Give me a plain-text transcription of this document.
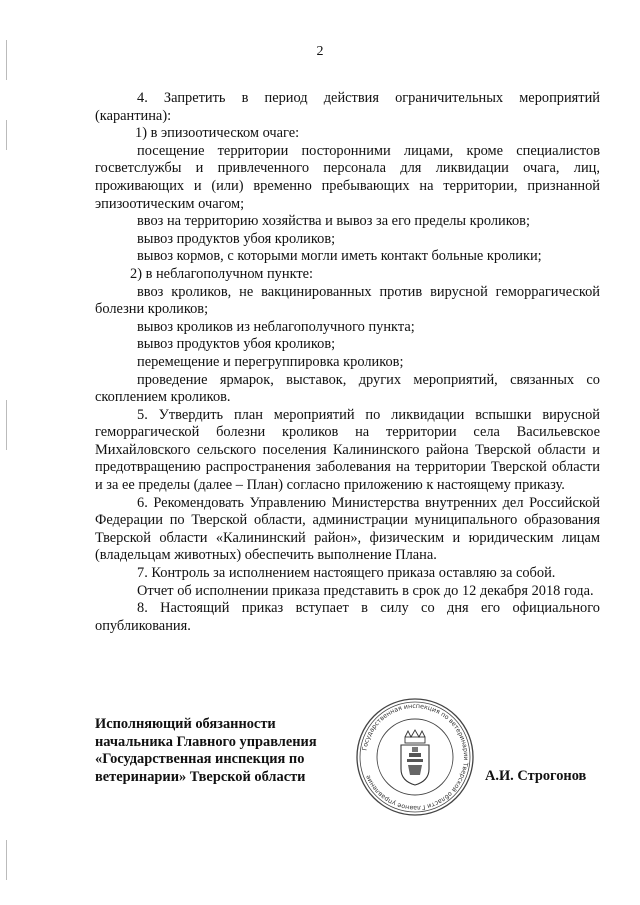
2

4. Запретить в период действия ограничительных мероприятий (карантина):

1) в эпизоотическом очаге:

посещение территории посторонними лицами, кроме специалистов госветслужбы и привлеченного персонала для ликвидации очага, лиц, проживающих и (или) временно пребывающих на территории, признанной эпизоотическим очагом;

ввоз на территорию хозяйства и вывоз за его пределы кроликов;

вывоз продуктов убоя кроликов;

вывоз кормов, с которыми могли иметь контакт больные кролики;

2) в неблагополучном пункте:

ввоз кроликов, не вакцинированных против вирусной геморрагической болезни кроликов;

вывоз кроликов из неблагополучного пункта;

вывоз продуктов убоя кроликов;

перемещение и перегруппировка кроликов;

проведение ярмарок, выставок, других мероприятий, связанных со скоплением кроликов.

5. Утвердить план мероприятий по ликвидации вспышки вирусной геморрагической болезни кроликов на территории села Васильевское Михайловского сельского поселения Калининского района Тверской области и предотвращению распространения заболевания на территории Тверской области и за ее пределы (далее – План) согласно приложению к настоящему приказу.

6. Рекомендовать Управлению Министерства внутренних дел Российской Федерации по Тверской области, администрации муниципального образования Тверской области «Калининский район», физическим и юридическим лицам (владельцам животных) обеспечить выполнение Плана.

7. Контроль за исполнением настоящего приказа оставляю за собой.

Отчет об исполнении приказа представить в срок до 12 декабря 2018 года.

8. Настоящий приказ вступает в силу со дня его официального опубликования.

Исполняющий обязанности
начальника Главного управления
«Государственная инспекция по
ветеринарии» Тверской области
Государственная инспекция по ветеринарии Тверской области Главное управление	А.И. Строгонов
